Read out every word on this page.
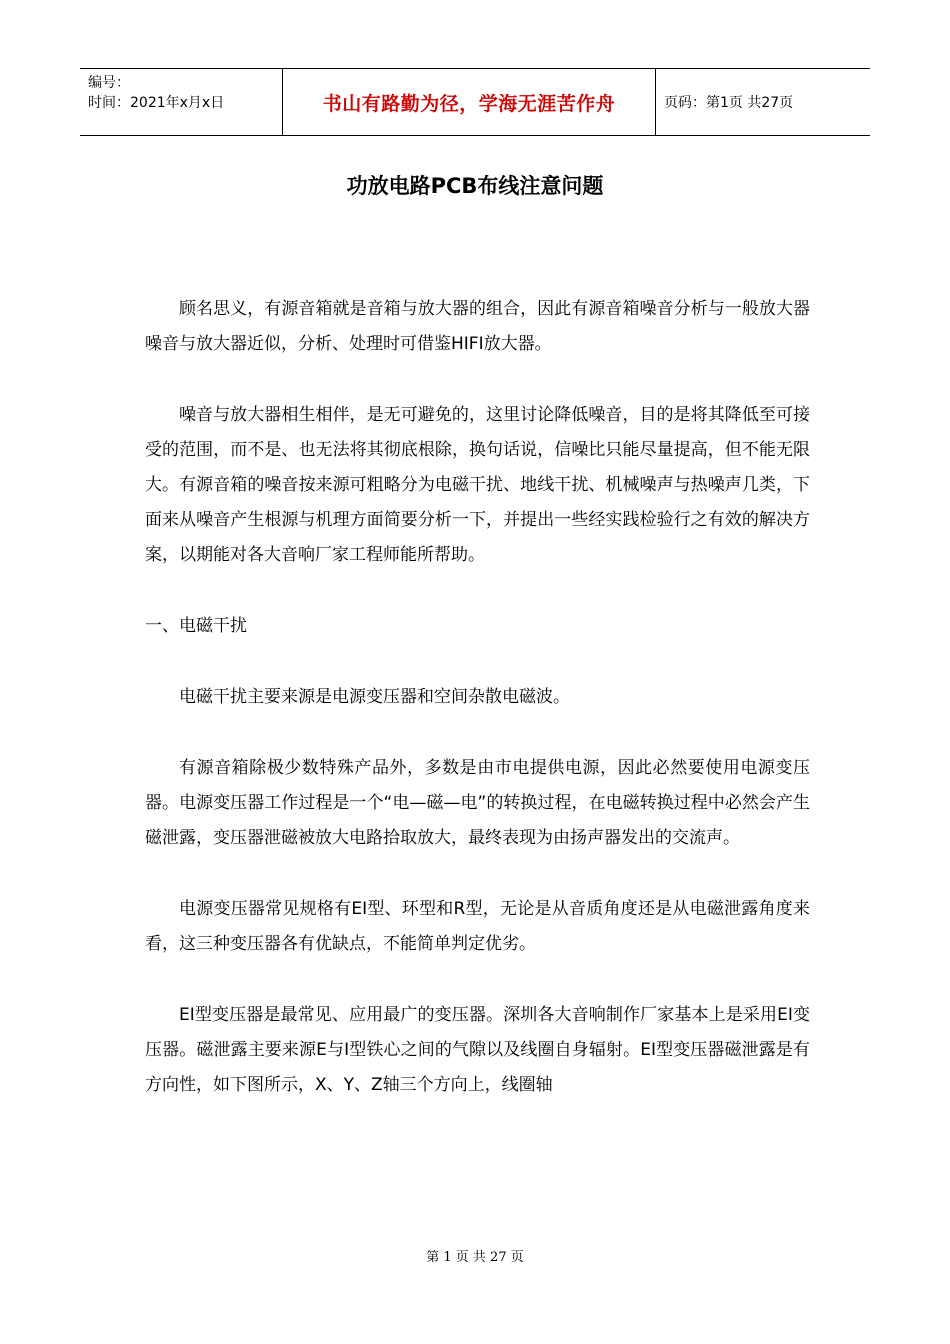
编号：
时间：2021年x月x日	书山有路勤为径，学海无涯苦作舟	页码：第1页 共27页
功放电路PCB布线注意问题

顾名思义，有源音箱就是音箱与放大器的组合，因此有源音箱噪音分析与一般放大器噪音与放大器近似，分析、处理时可借鉴HIFI放大器。

噪音与放大器相生相伴，是无可避免的，这里讨论降低噪音，目的是将其降低至可接受的范围，而不是、也无法将其彻底根除，换句话说，信噪比只能尽量提高，但不能无限大。有源音箱的噪音按来源可粗略分为电磁干扰、地线干扰、机械噪声与热噪声几类，下面来从噪音产生根源与机理方面简要分析一下，并提出一些经实践检验行之有效的解决方案，以期能对各大音响厂家工程师能所帮助。

一、电磁干扰

电磁干扰主要来源是电源变压器和空间杂散电磁波。

有源音箱除极少数特殊产品外，多数是由市电提供电源，因此必然要使用电源变压器。电源变压器工作过程是一个“电—磁—电”的转换过程，在电磁转换过程中必然会产生磁泄露，变压器泄磁被放大电路拾取放大，最终表现为由扬声器发出的交流声。

电源变压器常见规格有EI型、环型和R型，无论是从音质角度还是从电磁泄露角度来看，这三种变压器各有优缺点，不能简单判定优劣。

EI型变压器是最常见、应用最广的变压器。深圳各大音响制作厂家基本上是采用EI变压器。磁泄露主要来源E与I型铁心之间的气隙以及线圈自身辐射。EI型变压器磁泄露是有方向性，如下图所示，X、Y、Z轴三个方向上，线圈轴

第 1 页 共 27 页
